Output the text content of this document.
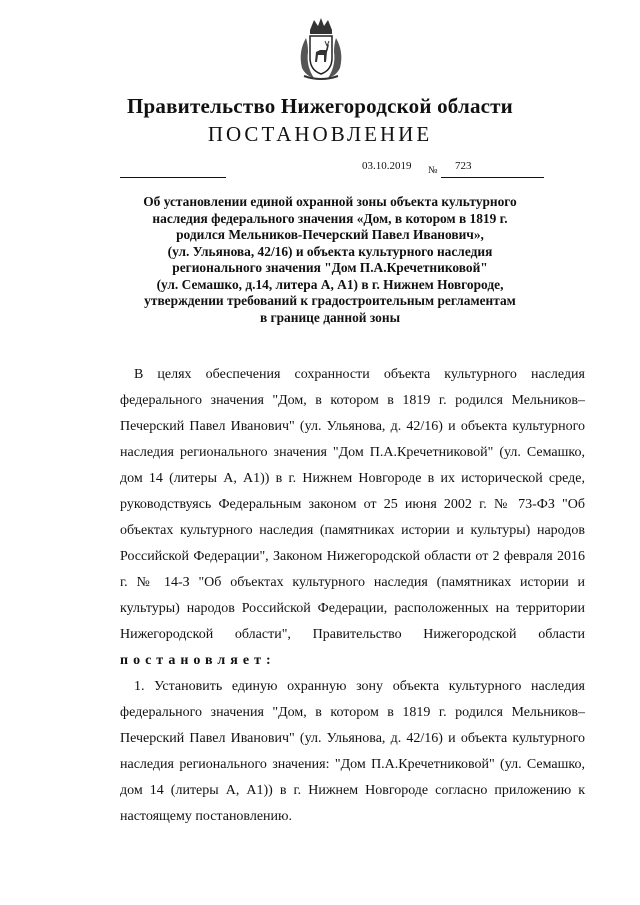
Правительство Нижегородской области
ПОСТАНОВЛЕНИЕ
03.10.2019 № 723
Об установлении единой охранной зоны объекта культурного
наследия федерального значения «Дом, в котором в 1819 г.
родился Мельников-Печерский Павел Иванович»,
(ул. Ульянова, 42/16) и объекта культурного наследия
регионального значения "Дом П.А.Кречетниковой"
(ул. Семашко, д.14, литера А, А1) в г. Нижнем Новгороде,
утверждении требований к градостроительным регламентам
в границе данной зоны

В целях обеспечения сохранности объекта культурного наследия федерального значения "Дом, в котором в 1819 г. родился Мельников–Печерский Павел Иванович" (ул. Ульянова, д. 42/16) и объекта культурного наследия регионального значения "Дом П.А.Кречетниковой" (ул. Семашко, дом 14 (литеры А, А1)) в г. Нижнем Новгороде в их исторической среде, руководствуясь Федеральным законом от 25 июня 2002 г. № 73-ФЗ "Об объектах культурного наследия (памятниках истории и культуры) народов Российской Федерации", Законом Нижегородской области от 2 февраля 2016 г. № 14-З "Об объектах культурного наследия (памятниках истории и культуры) народов Российской Федерации, расположенных на территории Нижегородской области", Правительство Нижегородской области постановляет:

1. Установить единую охранную зону объекта культурного наследия федерального значения "Дом, в котором в 1819 г. родился Мельников–Печерский Павел Иванович" (ул. Ульянова, д. 42/16) и объекта культурного наследия регионального значения: "Дом П.А.Кречетниковой" (ул. Семашко, дом 14 (литеры А, А1)) в г. Нижнем Новгороде согласно приложению к настоящему постановлению.
